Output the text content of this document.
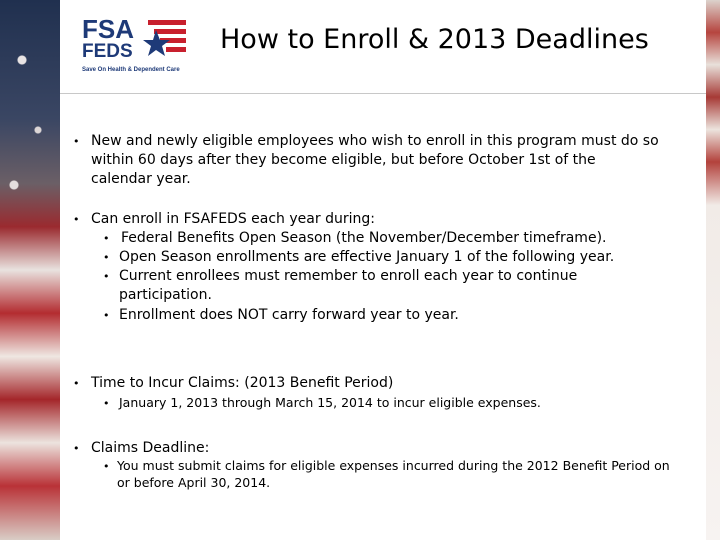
FSA
FEDS
Save On Health & Dependent Care
How to Enroll & 2013 Deadlines
• New and newly eligible employees who wish to enroll in this program must do so
within 60 days after they become eligible, but before October 1st of the
calendar year.
• Can enroll in FSAFEDS each year during:
• Federal Benefits Open Season (the November/December timeframe).
• Open Season enrollments are effective January 1 of the following year.
• Current enrollees must remember to enroll each year to continue
participation.
• Enrollment does NOT carry forward year to year.
• Time to Incur Claims: (2013 Benefit Period)
• January 1, 2013 through March 15, 2014 to incur eligible expenses.
• Claims Deadline:
• You must submit claims for eligible expenses incurred during the 2012 Benefit Period on
or before April 30, 2014.
